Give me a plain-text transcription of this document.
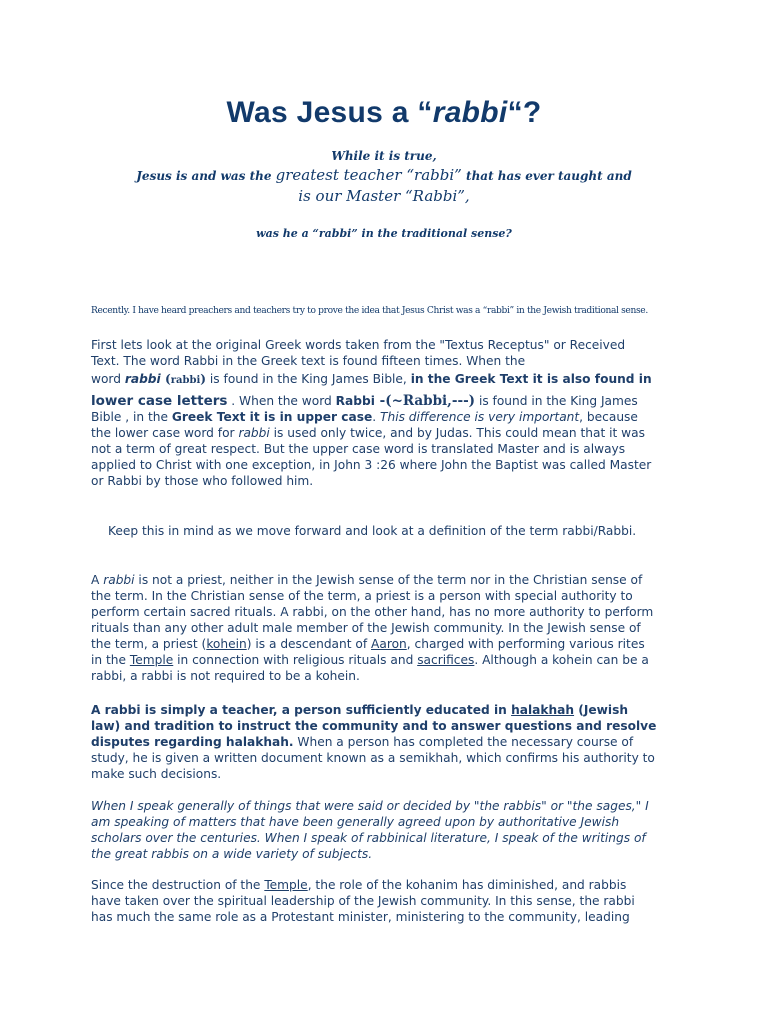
Was Jesus a “rabbi“?
While it is true,
Jesus is and was the greatest teacher “rabbi” that has ever taught and
is our Master “Rabbi”,
was he a “rabbi” in the traditional sense?
Recently. I have heard preachers and teachers try to prove the idea that Jesus Christ was a “rabbi” in the Jewish traditional sense.
First lets look at the original Greek words taken from the "Textus Receptus" or Received
Text. The word Rabbi in the Greek text is found fifteen times. When the
word rabbi (rabbi) is found in the King James Bible, in the Greek Text it is also found in
lower case letters . When the word Rabbi -(~Rabbi,---) is found in the King James
Bible , in the Greek Text it is in upper case. This difference is very important, because
the lower case word for rabbi is used only twice, and by Judas. This could mean that it was
not a term of great respect. But the upper case word is translated Master and is always
applied to Christ with one exception, in John 3 :26 where John the Baptist was called Master
or Rabbi by those who followed him.
Keep this in mind as we move forward and look at a definition of the term rabbi/Rabbi.
A rabbi is not a priest, neither in the Jewish sense of the term nor in the Christian sense of
the term. In the Christian sense of the term, a priest is a person with special authority to
perform certain sacred rituals. A rabbi, on the other hand, has no more authority to perform
rituals than any other adult male member of the Jewish community. In the Jewish sense of
the term, a priest (kohein) is a descendant of Aaron, charged with performing various rites
in the Temple in connection with religious rituals and sacrifices. Although a kohein can be a
rabbi, a rabbi is not required to be a kohein.
A rabbi is simply a teacher, a person sufficiently educated in halakhah (Jewish
law) and tradition to instruct the community and to answer questions and resolve
disputes regarding halakhah. When a person has completed the necessary course of
study, he is given a written document known as a semikhah, which confirms his authority to
make such decisions.
When I speak generally of things that were said or decided by "the rabbis" or "the sages," I
am speaking of matters that have been generally agreed upon by authoritative Jewish
scholars over the centuries. When I speak of rabbinical literature, I speak of the writings of
the great rabbis on a wide variety of subjects.
Since the destruction of the Temple, the role of the kohanim has diminished, and rabbis
have taken over the spiritual leadership of the Jewish community. In this sense, the rabbi
has much the same role as a Protestant minister, ministering to the community, leading
